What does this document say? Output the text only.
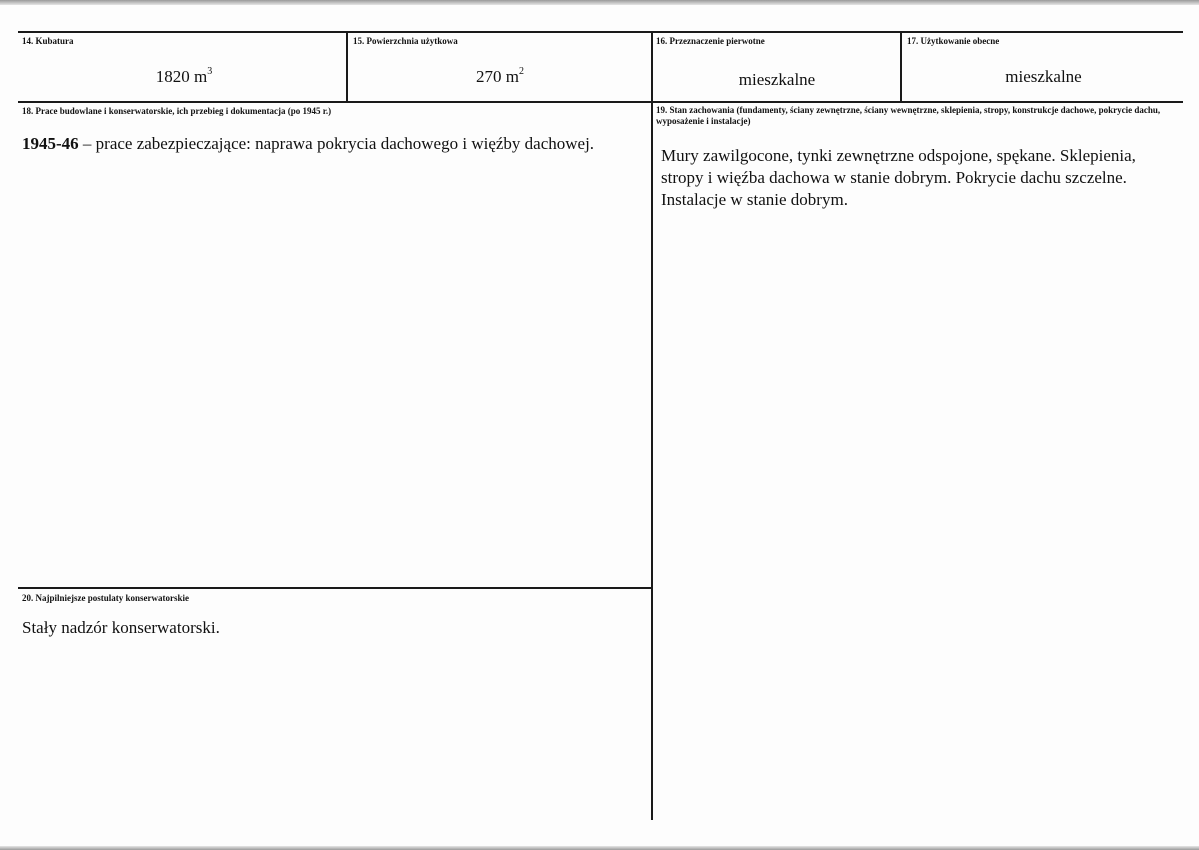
14. Kubatura
1820 $m^3$
15. Powierzchnia użytkowa
270 $m^2$
16. Przeznaczenie pierwotne
mieszkalne
17. Użytkowanie obecne
mieszkalne
18. Prace budowlane i konserwatorskie, ich przebieg i dokumentacja (po 1945 r.)
1945-46 – prace zabezpieczające: naprawa pokrycia dachowego i więźby dachowej.
19. Stan zachowania (fundamenty, ściany zewnętrzne, ściany wewnętrzne, sklepienia, stropy, konstrukcje dachowe, pokrycie dachu, wyposażenie i instalacje)
Mury zawilgocone, tynki zewnętrzne odspojone, spękane. Sklepienia, stropy i więźba dachowa w stanie dobrym. Pokrycie dachu szczelne. Instalacje w stanie dobrym.
20. Najpilniejsze postulaty konserwatorskie
Stały nadzór konserwatorski.
